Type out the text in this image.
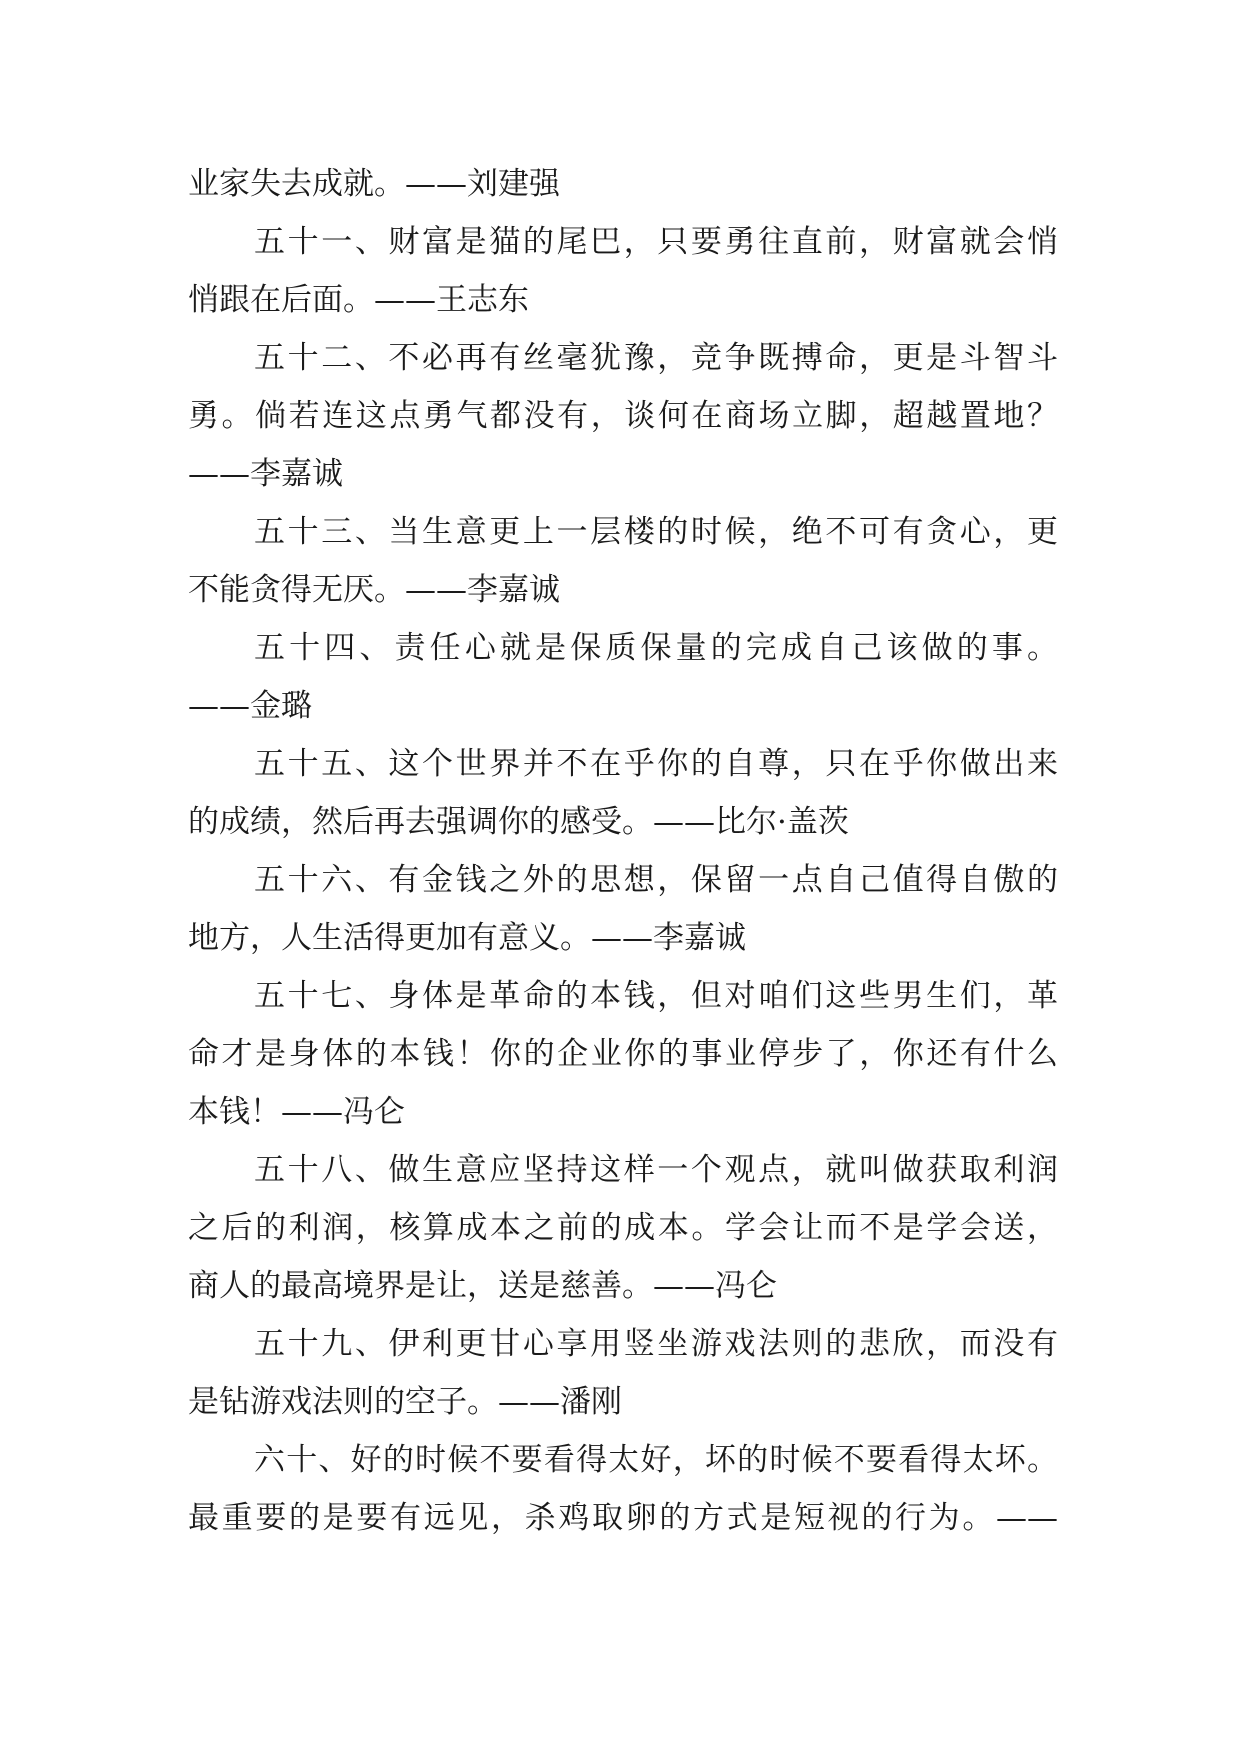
业家失去成就。——刘建强
五十一、财富是猫的尾巴，只要勇往直前，财富就会悄
悄跟在后面。——王志东
五十二、不必再有丝毫犹豫，竞争既搏命，更是斗智斗
勇。倘若连这点勇气都没有，谈何在商场立脚，超越置地？
——李嘉诚
五十三、当生意更上一层楼的时候，绝不可有贪心，更
不能贪得无厌。——李嘉诚
五十四、责任心就是保质保量的完成自己该做的事。
——金璐
五十五、这个世界并不在乎你的自尊，只在乎你做出来
的成绩，然后再去强调你的感受。——比尔·盖茨
五十六、有金钱之外的思想，保留一点自己值得自傲的
地方，人生活得更加有意义。——李嘉诚
五十七、身体是革命的本钱，但对咱们这些男生们，革
命才是身体的本钱！你的企业你的事业停步了，你还有什么
本钱！——冯仑
五十八、做生意应坚持这样一个观点，就叫做获取利润
之后的利润，核算成本之前的成本。学会让而不是学会送，
商人的最高境界是让，送是慈善。——冯仑
五十九、伊利更甘心享用竖坐游戏法则的悲欣，而没有
是钻游戏法则的空子。——潘刚
六十、好的时候不要看得太好，坏的时候不要看得太坏。
最重要的是要有远见，杀鸡取卵的方式是短视的行为。——
